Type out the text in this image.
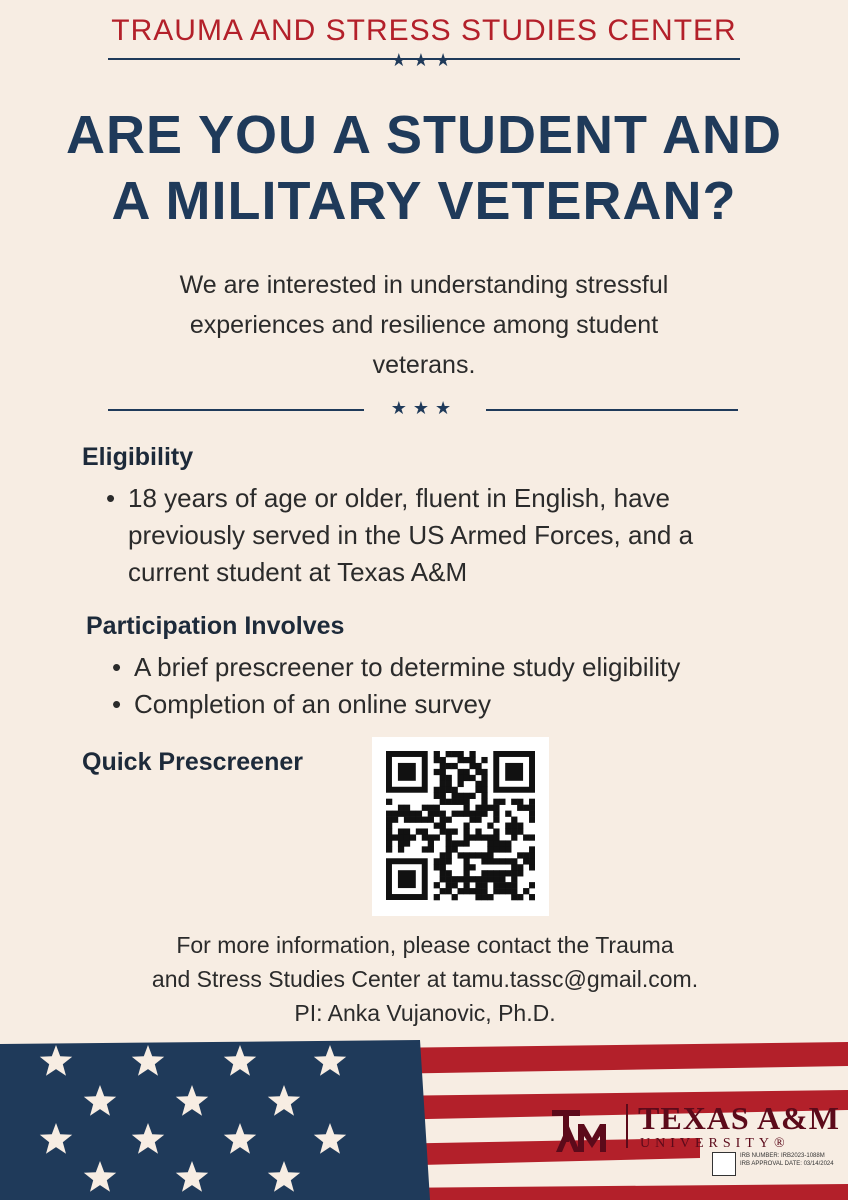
TRAUMA AND STRESS STUDIES CENTER
★★★
ARE YOU A STUDENT AND
A MILITARY VETERAN?
We are interested in understanding stressful
experiences and resilience among student
veterans.
★★★
Eligibility
• 18 years of age or older, fluent in English, have
previously served in the US Armed Forces, and a
current student at Texas A&M
Participation Involves
• A brief prescreener to determine study eligibility
• Completion of an online survey
Quick Prescreener
For more information, please contact the Trauma
and Stress Studies Center at tamu.tassc@gmail.com.
PI: Anka Vujanovic, Ph.D.
TEXAS A&M
UNIVERSITY®
IRB NUMBER: IRB2023-1088M
IRB APPROVAL DATE: 03/14/2024
